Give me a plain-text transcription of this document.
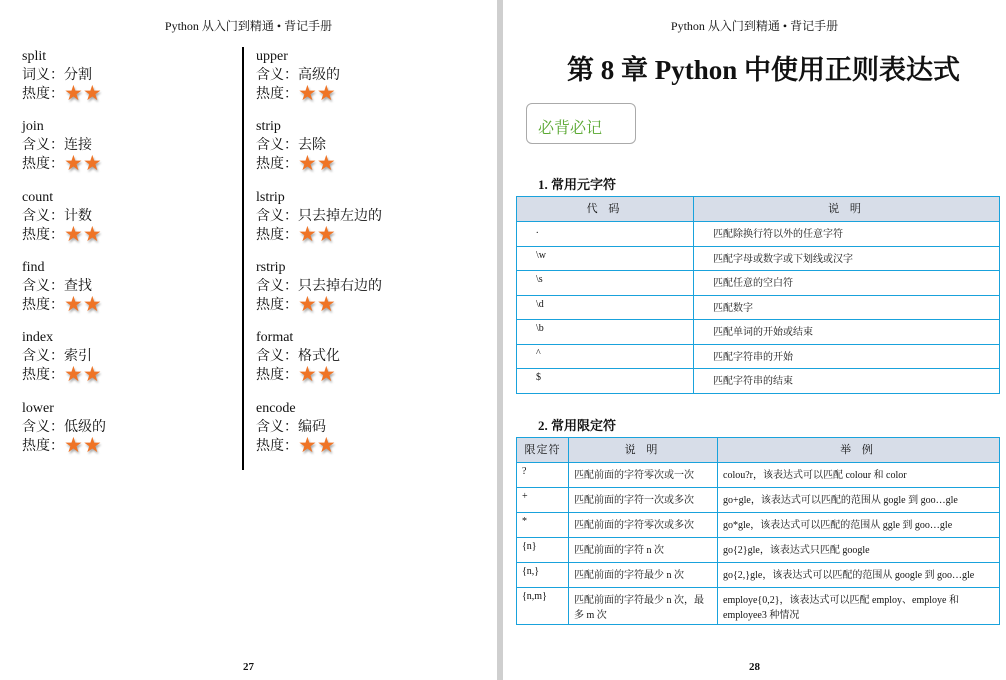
Python 从入门到精通 • 背记手册
split
词义：分割
热度：★★
join
含义：连接
热度：★★
count
含义：计数
热度：★★
find
含义：查找
热度：★★
index
含义：索引
热度：★★
lower
含义：低级的
热度：★★
upper
含义：高级的
热度：★★
strip
含义：去除
热度：★★
lstrip
含义：只去掉左边的
热度：★★
rstrip
含义：只去掉右边的
热度：★★
format
含义：格式化
热度：★★
encode
含义：编码
热度：★★
27
Python 从入门到精通 • 背记手册
第 8 章 Python 中使用正则表达式
必背必记
1. 常用元字符
代 码	说 明
.	匹配除换行符以外的任意字符
\w	匹配字母或数字或下划线或汉字
\s	匹配任意的空白符
\d	匹配数字
\b	匹配单词的开始或结束
^	匹配字符串的开始
$	匹配字符串的结束
2. 常用限定符
限定符	说 明	举 例
?	匹配前面的字符零次或一次	colou?r，该表达式可以匹配 colour 和 color
+	匹配前面的字符一次或多次	go+gle，该表达式可以匹配的范围从 gogle 到 goo…gle
*	匹配前面的字符零次或多次	go*gle，该表达式可以匹配的范围从 ggle 到 goo…gle
{n}	匹配前面的字符 n 次	go{2}gle，该表达式只匹配 google
{n,}	匹配前面的字符最少 n 次	go{2,}gle，该表达式可以匹配的范围从 google 到 goo…gle
{n,m}	匹配前面的字符最少 n 次，最多 m 次	employe{0,2}，该表达式可以匹配 employ、employe 和 employee3 种情况
28
